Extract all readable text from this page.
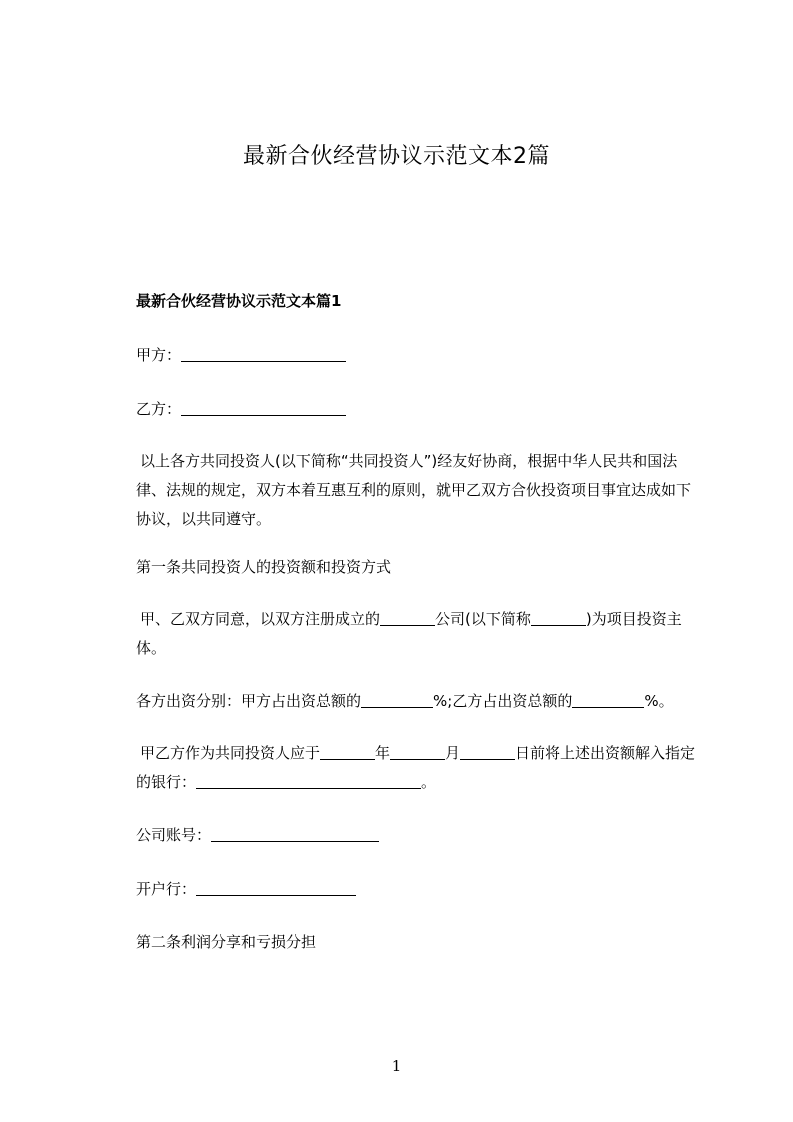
最新合伙经营协议示范文本2篇
最新合伙经营协议示范文本篇1
甲方：
乙方：
以上各方共同投资人(以下简称“共同投资人”)经友好协商，根据中华人民共和国法律、法规的规定，双方本着互惠互利的原则，就甲乙双方合伙投资项目事宜达成如下协议，以共同遵守。
第一条共同投资人的投资额和投资方式
甲、乙双方同意，以双方注册成立的	公司(以下简称	)为项目投资主体。
各方出资分别：甲方占出资总额的	%;乙方占出资总额的	%。
甲乙方作为共同投资人应于	年	月	日前将上述出资额解入指定的银行：	。
公司账号：
开户行：
第二条利润分享和亏损分担
1
